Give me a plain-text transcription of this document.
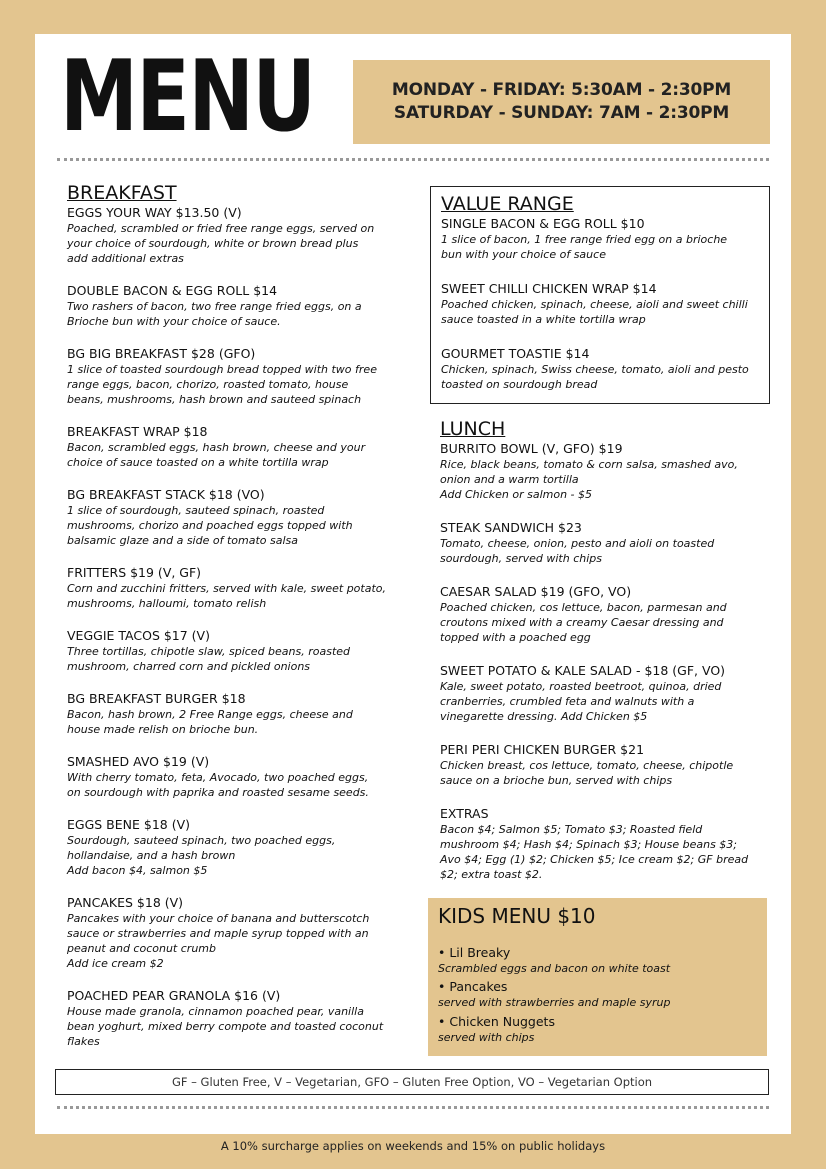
MENU	MONDAY - FRIDAY: 5:30AM - 2:30PM
SATURDAY - SUNDAY: 7AM - 2:30PM
BREAKFAST
EGGS YOUR WAY $13.50 (V)
Poached, scrambled or fried free range eggs, served on
your choice of sourdough, white or brown bread plus
add additional extras
DOUBLE BACON & EGG ROLL $14
Two rashers of bacon, two free range fried eggs, on a
Brioche bun with your choice of sauce.
BG BIG BREAKFAST $28 (GFO)
1 slice of toasted sourdough bread topped with two free
range eggs, bacon, chorizo, roasted tomato, house
beans, mushrooms, hash brown and sauteed spinach
BREAKFAST WRAP $18
Bacon, scrambled eggs, hash brown, cheese and your
choice of sauce toasted on a white tortilla wrap
BG BREAKFAST STACK $18 (VO)
1 slice of sourdough, sauteed spinach, roasted
mushrooms, chorizo and poached eggs topped with
balsamic glaze and a side of tomato salsa
FRITTERS $19 (V, GF)
Corn and zucchini fritters, served with kale, sweet potato,
mushrooms, halloumi, tomato relish
VEGGIE TACOS $17 (V)
Three tortillas, chipotle slaw, spiced beans, roasted
mushroom, charred corn and pickled onions
BG BREAKFAST BURGER $18
Bacon, hash brown, 2 Free Range eggs, cheese and
house made relish on brioche bun.
SMASHED AVO $19 (V)
With cherry tomato, feta, Avocado, two poached eggs,
on sourdough with paprika and roasted sesame seeds.
EGGS BENE $18 (V)
Sourdough, sauteed spinach, two poached eggs,
hollandaise, and a hash brown
Add bacon $4, salmon $5
PANCAKES $18 (V)
Pancakes with your choice of banana and butterscotch
sauce or strawberries and maple syrup topped with an
peanut and coconut crumb
Add ice cream $2
POACHED PEAR GRANOLA $16 (V)
House made granola, cinnamon poached pear, vanilla
bean yoghurt, mixed berry compote and toasted coconut
flakes
VALUE RANGE
SINGLE BACON & EGG ROLL $10
1 slice of bacon, 1 free range fried egg on a brioche
bun with your choice of sauce
SWEET CHILLI CHICKEN WRAP $14
Poached chicken, spinach, cheese, aioli and sweet chilli
sauce toasted in a white tortilla wrap
GOURMET TOASTIE $14
Chicken, spinach, Swiss cheese, tomato, aioli and pesto
toasted on sourdough bread
LUNCH
BURRITO BOWL (V, GFO) $19
Rice, black beans, tomato & corn salsa, smashed avo,
onion and a warm tortilla
Add Chicken or salmon - $5
STEAK SANDWICH $23
Tomato, cheese, onion, pesto and aioli on toasted
sourdough, served with chips
CAESAR SALAD $19 (GFO, VO)
Poached chicken, cos lettuce, bacon, parmesan and
croutons mixed with a creamy Caesar dressing and
topped with a poached egg
SWEET POTATO & KALE SALAD - $18 (GF, VO)
Kale, sweet potato, roasted beetroot, quinoa, dried
cranberries, crumbled feta and walnuts with a
vinegarette dressing. Add Chicken $5
PERI PERI CHICKEN BURGER $21
Chicken breast, cos lettuce, tomato, cheese, chipotle
sauce on a brioche bun, served with chips
EXTRAS
Bacon $4; Salmon $5; Tomato $3; Roasted field
mushroom $4; Hash $4; Spinach $3; House beans $3;
Avo $4; Egg (1) $2; Chicken $5; Ice cream $2; GF bread
$2; extra toast $2.
KIDS MENU $10
• Lil Breaky
Scrambled eggs and bacon on white toast
• Pancakes
served with strawberries and maple syrup
• Chicken Nuggets
served with chips
GF – Gluten Free, V – Vegetarian, GFO – Gluten Free Option, VO – Vegetarian Option
A 10% surcharge applies on weekends and 15% on public holidays
